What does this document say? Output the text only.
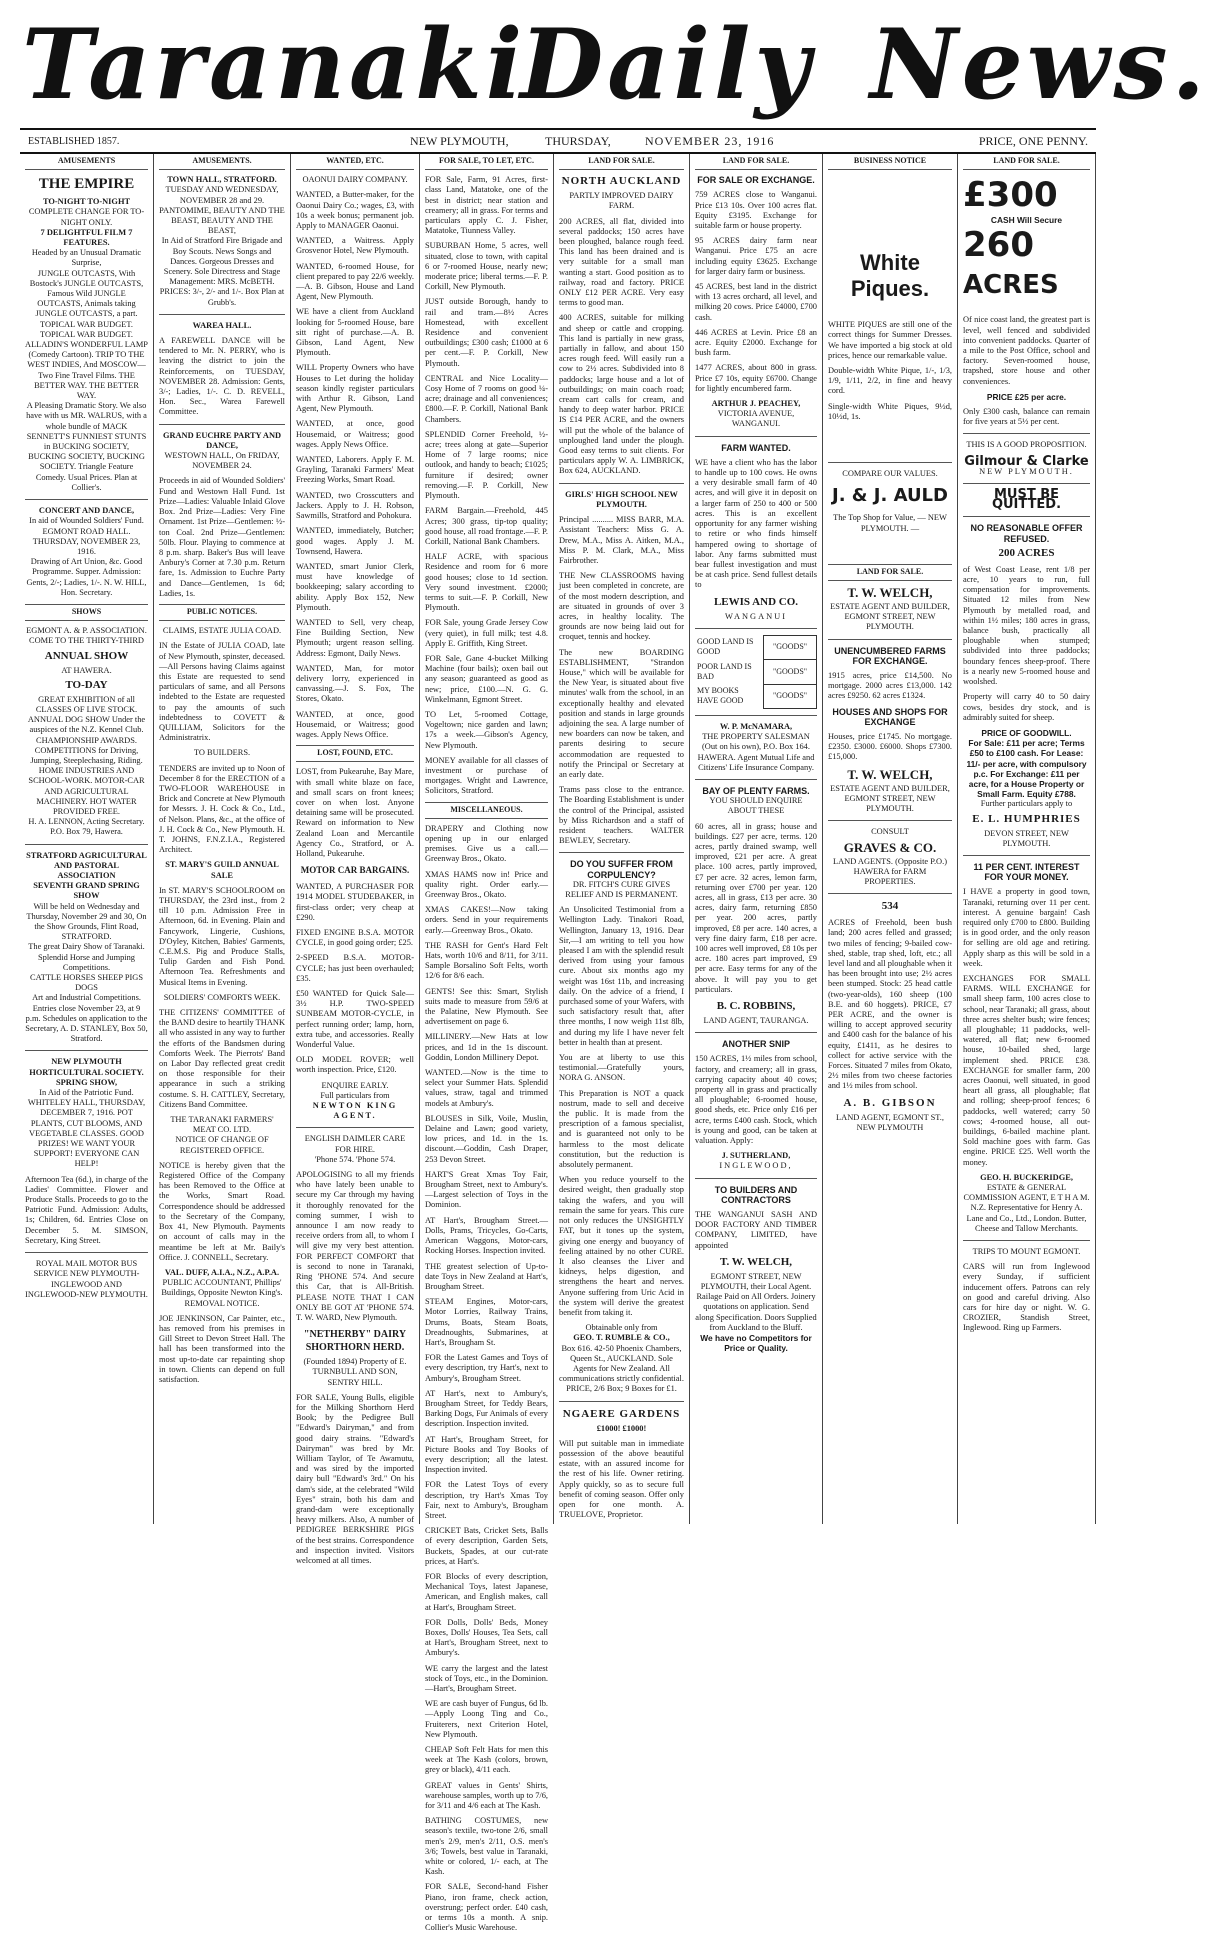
Taranaki
Daily News.
ESTABLISHED 1857.	NEW PLYMOUTH,	THURSDAY,	NOVEMBER 23, 1916	PRICE, ONE PENNY.
AMUSEMENTS
THE EMPIRE
TO-NIGHT TO-NIGHT
COMPLETE CHANGE FOR TO-NIGHT ONLY.
7 DELIGHTFUL FILM 7 FEATURES.
Headed by an Unusual Dramatic Surprise,
JUNGLE OUTCASTS, With Bostock's JUNGLE OUTCASTS, Famous Wild JUNGLE OUTCASTS, Animals taking JUNGLE OUTCASTS, a part.
TOPICAL WAR BUDGET. TOPICAL WAR BUDGET. ALLADIN'S WONDERFUL LAMP (Comedy Cartoon). TRIP TO THE WEST INDIES, And MOSCOW—Two Fine Travel Films. THE BETTER WAY. THE BETTER WAY.
A Pleasing Dramatic Story. We also have with us MR. WALRUS, with a whole bundle of MACK SENNETT'S FUNNIEST STUNTS in BUCKING SOCIETY, BUCKING SOCIETY, BUCKING SOCIETY. Triangle Feature Comedy. Usual Prices. Plan at Collier's.
CONCERT AND DANCE,
In aid of Wounded Soldiers' Fund.
EGMONT ROAD HALL. THURSDAY, NOVEMBER 23, 1916.
Drawing of Art Union, &c. Good Programme. Supper. Admission: Gents, 2/-; Ladies, 1/-. N. W. HILL, Hon. Secretary.
SHOWS
EGMONT A. & P. ASSOCIATION.
COME TO THE THIRTY-THIRD
ANNUAL SHOW
AT HAWERA.
TO-DAY
GREAT EXHIBITION of all CLASSES OF LIVE STOCK. ANNUAL DOG SHOW Under the auspices of the N.Z. Kennel Club. CHAMPIONSHIP AWARDS. COMPETITIONS for Driving, Jumping, Steeplechasing, Riding. HOME INDUSTRIES AND SCHOOL-WORK. MOTOR-CAR AND AGRICULTURAL MACHINERY. HOT WATER PROVIDED FREE.
H. A. LENNON, Acting Secretary. P.O. Box 79, Hawera.
STRATFORD AGRICULTURAL AND PASTORAL ASSOCIATION
SEVENTH GRAND SPRING SHOW
Will be held on Wednesday and Thursday, November 29 and 30, On the Show Grounds, Flint Road, STRATFORD.
The great Dairy Show of Taranaki. Splendid Horse and Jumping Competitions.
CATTLE HORSES SHEEP PIGS DOGS
Art and Industrial Competitions. Entries close November 23, at 9 p.m. Schedules on application to the Secretary, A. D. STANLEY, Box 50, Stratford.
NEW PLYMOUTH HORTICULTURAL SOCIETY.
SPRING SHOW,
In Aid of the Patriotic Fund. WHITELEY HALL, THURSDAY, DECEMBER 7, 1916. POT PLANTS, CUT BLOOMS, AND VEGETABLE CLASSES. GOOD PRIZES! WE WANT YOUR SUPPORT! EVERYONE CAN HELP!
Afternoon Tea (6d.), in charge of the Ladies' Committee. Flower and Produce Stalls. Proceeds to go to the Patriotic Fund. Admission: Adults, 1s; Children, 6d. Entries Close on December 5. M. SIMSON, Secretary, King Street.
ROYAL MAIL MOTOR BUS SERVICE NEW PLYMOUTH-INGLEWOOD AND INGLEWOOD-NEW PLYMOUTH.
AMUSEMENTS.
TOWN HALL, STRATFORD.
TUESDAY AND WEDNESDAY, NOVEMBER 28 and 29. PANTOMIME, BEAUTY AND THE BEAST, BEAUTY AND THE BEAST,
In Aid of Stratford Fire Brigade and Boy Scouts. News Songs and Dances. Gorgeous Dresses and Scenery. Sole Directress and Stage Management: MRS. McBETH.
PRICES: 3/-, 2/- and 1/-. Box Plan at Grubb's.
WAREA HALL.
A FAREWELL DANCE will be tendered to Mr. N. PERRY, who is leaving the district to join the Reinforcements, on TUESDAY, NOVEMBER 28. Admission: Gents, 3/-; Ladies, 1/-. C. D. REVELL, Hon. Sec., Warea Farewell Committee.
GRAND EUCHRE PARTY AND DANCE,
WESTOWN HALL, On FRIDAY, NOVEMBER 24.
Proceeds in aid of Wounded Soldiers' Fund and Westown Hall Fund. 1st Prize—Ladies: Valuable Inlaid Glove Box. 2nd Prize—Ladies: Very Fine Ornament. 1st Prize—Gentlemen: ½-ton Coal. 2nd Prize—Gentlemen: 50lb. Flour. Playing to commence at 8 p.m. sharp. Baker's Bus will leave Anbury's Corner at 7.30 p.m. Return fare, 1s. Admission to Euchre Party and Dance—Gentlemen, 1s 6d; Ladies, 1s.
PUBLIC NOTICES.
CLAIMS, ESTATE JULIA COAD.
IN the Estate of JULIA COAD, late of New Plymouth, spinster, deceased. —All Persons having Claims against this Estate are requested to send particulars of same, and all Persons indebted to the Estate are requested to pay the amounts of such indebtedness to COVETT & QUILLIAM, Solicitors for the Administratrix.
TO BUILDERS.
TENDERS are invited up to Noon of December 8 for the ERECTION of a TWO-FLOOR WAREHOUSE in Brick and Concrete at New Plymouth for Messrs. J. H. Cock & Co., Ltd., of Nelson. Plans, &c., at the office of J. H. Cock & Co., New Plymouth. H. T. JOHNS, F.N.Z.I.A., Registered Architect.
ST. MARY'S GUILD ANNUAL SALE
In ST. MARY'S SCHOOLROOM on THURSDAY, the 23rd inst., from 2 till 10 p.m. Admission Free in Afternoon, 6d. in Evening. Plain and Fancywork, Lingerie, Cushions, D'Oyley, Kitchen, Babies' Garments, C.E.M.S. Pig and Produce Stalls, Tulip Garden and Fish Pond. Afternoon Tea. Refreshments and Musical Items in Evening.
SOLDIERS' COMFORTS WEEK.
THE CITIZENS' COMMITTEE of the BAND desire to heartily THANK all who assisted in any way to further the efforts of the Bandsmen during Comforts Week. The Pierrots' Band on Labor Day reflected great credit on those responsible for their appearance in such a striking costume. S. H. CATTLEY, Secretary, Citizens Band Committee.
THE TARANAKI FARMERS' MEAT CO. LTD.
NOTICE OF CHANGE OF REGISTERED OFFICE.
NOTICE is hereby given that the Registered Office of the Company has been Removed to the Office at the Works, Smart Road. Correspondence should be addressed to the Secretary of the Company, Box 41, New Plymouth. Payments on account of calls may in the meantime be left at Mr. Baily's Office. J. CONNELL, Secretary.
VAL. DUFF, A.I.A., N.Z., A.P.A.
PUBLIC ACCOUNTANT, Phillips' Buildings, Opposite Newton King's.
REMOVAL NOTICE.
JOE JENKINSON, Car Painter, etc., has removed from his premises in Gill Street to Devon Street Hall. The hall has been transformed into the most up-to-date car repainting shop in town. Clients can depend on full satisfaction.
WANTED, ETC.
OAONUI DAIRY COMPANY.
WANTED, a Butter-maker, for the Oaonui Dairy Co.; wages, £3, with 10s a week bonus; permanent job. Apply to MANAGER Oaonui.
WANTED, a Waitress. Apply Grosvenor Hotel, New Plymouth.
WANTED, 6-roomed House, for client prepared to pay 22/6 weekly.—A. B. Gibson, House and Land Agent, New Plymouth.
WE have a client from Auckland looking for 5-roomed House, bare sitt right of purchase.—A. B. Gibson, Land Agent, New Plymouth.
WILL Property Owners who have Houses to Let during the holiday season kindly register particulars with Arthur R. Gibson, Land Agent, New Plymouth.
WANTED, at once, good Housemaid, or Waitress; good wages. Apply News Office.
WANTED, Laborers. Apply F. M. Grayling, Taranaki Farmers' Meat Freezing Works, Smart Road.
WANTED, two Crosscutters and Jackers. Apply to J. H. Robson, Sawmills, Stratford and Pohokura.
WANTED, immediately, Butcher; good wages. Apply J. M. Townsend, Hawera.
WANTED, smart Junior Clerk, must have knowledge of bookkeeping; salary according to ability. Apply Box 152, New Plymouth.
WANTED to Sell, very cheap, Fine Building Section, New Plymouth; urgent reason selling. Address: Egmont, Daily News.
WANTED, Man, for motor delivery lorry, experienced in canvassing.—J. S. Fox, The Stores, Okato.
WANTED, at once, good Housemaid, or Waitress; good wages. Apply News Office.
LOST, FOUND, ETC.
LOST, from Pukearuhe, Bay Mare, with small white blaze on face, and small scars on front knees; cover on when lost. Anyone detaining same will be prosecuted. Reward on information to New Zealand Loan and Mercantile Agency Co., Stratford, or A. Holland, Pukearuhe.
MOTOR CAR BARGAINS.
WANTED, A PURCHASER FOR 1914 MODEL STUDEBAKER, in first-class order; very cheap at £290.
FIXED ENGINE B.S.A. MOTOR CYCLE, in good going order; £25.
2-SPEED B.S.A. MOTOR-CYCLE; has just been overhauled; £35.
£50 WANTED for Quick Sale—3½ H.P. TWO-SPEED SUNBEAM MOTOR-CYCLE, in perfect running order; lamp, horn, extra tube, and accessories. Really Wonderful Value.
OLD MODEL ROVER; well worth inspection. Price, £120.
ENQUIRE EARLY.
Full particulars from
NEWTON KING AGENT.
ENGLISH DAIMLER CARE FOR HIRE.
'Phone 574. 'Phone 574.
APOLOGISING to all my friends who have lately been unable to secure my Car through my having it thoroughly renovated for the coming summer, I wish to announce I am now ready to receive orders from all, to whom I will give my very best attention. FOR PERFECT COMFORT that is second to none in Taranaki, Ring 'PHONE 574. And secure this Car, that is All-British. PLEASE NOTE THAT I CAN ONLY BE GOT AT 'PHONE 574. T. W. WARD, New Plymouth.
"NETHERBY" DAIRY SHORTHORN HERD.
(Founded 1894) Property of E. TURNBULL AND SON, SENTRY HILL.
FOR SALE, Young Bulls, eligible for the Milking Shorthorn Herd Book; by the Pedigree Bull "Edward's Dairyman," and from good dairy strains. "Edward's Dairyman" was bred by Mr. William Taylor, of Te Awamutu, and was sired by the imported dairy bull "Edward's 3rd." On his dam's side, at the celebrated "Wild Eyes" strain, both his dam and grand-dam were exceptionally heavy milkers. Also, A number of PEDIGREE BERKSHIRE PIGS of the best strains. Correspondence and inspection invited. Visitors welcomed at all times.
FOR SALE, TO LET, ETC.
FOR Sale, Farm, 91 Acres, first-class Land, Matatoke, one of the best in district; near station and creamery; all in grass. For terms and particulars apply C. J. Fisher, Matatoke, Tiunness Valley.
SUBURBAN Home, 5 acres, well situated, close to town, with capital 6 or 7-roomed House, nearly new; moderate price; liberal terms.—F. P. Corkill, New Plymouth.
JUST outside Borough, handy to rail and tram.—8½ Acres Homestead, with excellent Residence and convenient outbuildings; £300 cash; £1000 at 6 per cent.—F. P. Corkill, New Plymouth.
CENTRAL and Nice Locality—Cosy Home of 7 rooms on good ¼-acre; drainage and all conveniences; £800.—F. P. Corkill, National Bank Chambers.
SPLENDID Corner Freehold, ½-acre; trees along at gate—Superior Home of 7 large rooms; nice outlook, and handy to beach; £1025; furniture if desired; owner removing.—F. P. Corkill, New Plymouth.
FARM Bargain.—Freehold, 445 Acres; 300 grass, tip-top quality; good house, all road frontage.—F. P. Corkill, National Bank Chambers.
HALF ACRE, with spacious Residence and room for 6 more good houses; close to 1d section. Very sound investment. £2000; terms to suit.—F. P. Corkill, New Plymouth.
FOR Sale, young Grade Jersey Cow (very quiet), in full milk; test 4.8. Apply E. Griffith, King Street.
FOR Sale, Gane 4-bucket Milking Machine (four bails); oxen bail out any season; guaranteed as good as new; price, £100.—N. G. G. Winkelmann, Egmont Street.
TO Let, 5-roomed Cottage, Vogeltown; nice garden and lawn; 17s a week.—Gibson's Agency, New Plymouth.
MONEY available for all classes of investment or purchase of mortgages. Wright and Lawrence, Solicitors, Stratford.
MISCELLANEOUS.
DRAPERY and Clothing now opening up in our enlarged premises. Give us a call.—Greenway Bros., Okato.
XMAS HAMS now in! Price and quality right. Order early.—Greenway Bros., Okato.
XMAS CAKES!—Now taking orders. Send in your requirements early.—Greenway Bros., Okato.
THE RASH for Gent's Hard Felt Hats, worth 10/6 and 8/11, for 3/11. Sample Borsalino Soft Felts, worth 12/6 for 8/6 each.
GENTS! See this: Smart, Stylish suits made to measure from 59/6 at the Palatine, New Plymouth. See advertisement on page 6.
MILLINERY.—New Hats at low prices, and 1d in the 1s discount. Goddin, London Millinery Depot.
WANTED.—Now is the time to select your Summer Hats. Splendid values, straw, tagal and trimmed models at Ambury's.
BLOUSES in Silk, Voile, Muslin, Delaine and Lawn; good variety, low prices, and 1d. in the 1s. discount.—Goddin, Cash Draper, 253 Devon Street.
HART'S Great Xmas Toy Fair, Brougham Street, next to Ambury's.—Largest selection of Toys in the Dominion.
AT Hart's, Brougham Street.—Dolls, Prams, Tricycles, Go-Carts, American Waggons, Motor-cars, Rocking Horses. Inspection invited.
THE greatest selection of Up-to-date Toys in New Zealand at Hart's, Brougham Street.
STEAM Engines, Motor-cars, Motor Lorries, Railway Trains, Drums, Boats, Steam Boats, Dreadnoughts, Submarines, at Hart's, Brougham St.
FOR the Latest Games and Toys of every description, try Hart's, next to Ambury's, Brougham Street.
AT Hart's, next to Ambury's, Brougham Street, for Teddy Bears, Barking Dogs, Fur Animals of every description. Inspection invited.
AT Hart's, Brougham Street, for Picture Books and Toy Books of every description; all the latest. Inspection invited.
FOR the Latest Toys of every description, try Hart's Xmas Toy Fair, next to Ambury's, Brougham Street.
CRICKET Bats, Cricket Sets, Balls of every description, Garden Sets, Buckets, Spades, at our cut-rate prices, at Hart's.
FOR Blocks of every description, Mechanical Toys, latest Japanese, American, and English makes, call at Hart's, Brougham Street.
FOR Dolls, Dolls' Beds, Money Boxes, Dolls' Houses, Tea Sets, call at Hart's, Brougham Street, next to Ambury's.
WE carry the largest and the latest stock of Toys, etc., in the Dominion.—Hart's, Brougham Street.
WE are cash buyer of Fungus, 6d lb. —Apply Loong Ting and Co., Fruiterers, next Criterion Hotel, New Plymouth.
CHEAP Soft Felt Hats for men this week at The Kash (colors, brown, grey or black), 4/11 each.
GREAT values in Gents' Shirts, warehouse samples, worth up to 7/6, for 3/11 and 4/6 each at The Kash.
BATHING COSTUMES, new season's textile, two-tone 2/6, small men's 2/9, men's 2/11, O.S. men's 3/6; Towels, best value in Taranaki, white or colored, 1/- each, at The Kash.
FOR SALE, Second-hand Fisher Piano, iron frame, check action, overstrung; perfect order. £40 cash, or terms 10s a month. A snip. Collier's Music Warehouse.
LAND FOR SALE.
NORTH AUCKLAND
PARTLY IMPROVED DAIRY FARM.
200 ACRES, all flat, divided into several paddocks; 150 acres have been ploughed, balance rough feed. This land has been drained and is very suitable for a small man wanting a start. Good position as to railway, road and factory. PRICE ONLY £12 PER ACRE. Very easy terms to good man.
400 ACRES, suitable for milking and sheep or cattle and cropping. This land is partially in new grass, partially in fallow, and about 150 acres rough feed. Will easily run a cow to 2½ acres. Subdivided into 8 paddocks; large house and a lot of outbuildings; on main coach road; cream cart calls for cream, and handy to deep water harbor. PRICE IS £14 PER ACRE, and the owners will put the whole of the balance of unploughed land under the plough. Good easy terms to suit clients. For particulars apply W. A. LIMBRICK, Box 624, AUCKLAND.
GIRLS' HIGH SCHOOL NEW PLYMOUTH.
Principal .......... MISS BARR, M.A. Assistant Teachers: Miss G. A. Drew, M.A., Miss A. Aitken, M.A., Miss P. M. Clark, M.A., Miss Fairbrother.
THE New CLASSROOMS having just been completed in concrete, are of the most modern description, and are situated in grounds of over 3 acres, in healthy locality. The grounds are now being laid out for croquet, tennis and hockey.
The new BOARDING ESTABLISHMENT, "Strandon House," which will be available for the New Year, is situated about five minutes' walk from the school, in an exceptionally healthy and elevated position and stands in large grounds adjoining the sea. A large number of new boarders can now be taken, and parents desiring to secure accommodation are requested to notify the Principal or Secretary at an early date.
Trams pass close to the entrance. The Boarding Establishment is under the control of the Principal, assisted by Miss Richardson and a staff of resident teachers. WALTER BEWLEY, Secretary.
DO YOU SUFFER FROM CORPULENCY?
DR. FITCH'S CURE GIVES RELIEF AND IS PERMANENT.
An Unsolicited Testimonial from a Wellington Lady. Tinakori Road, Wellington, January 13, 1916. Dear Sir,—I am writing to tell you how pleased I am with the splendid result derived from using your famous cure. About six months ago my weight was 16st 11b, and increasing daily. On the advice of a friend, I purchased some of your Wafers, with such satisfactory result that, after three months, I now weigh 11st 8lb, and during my life I have never felt better in health than at present.
You are at liberty to use this testimonial.—Gratefully yours, NORA G. ANSON.
This Preparation is NOT a quack nostrum, made to sell and deceive the public. It is made from the prescription of a famous specialist, and is guaranteed not only to be harmless to the most delicate constitution, but the reduction is absolutely permanent.
When you reduce yourself to the desired weight, then gradually stop taking the wafers, and you will remain the same for years. This cure not only reduces the UNSIGHTLY FAT, but it tones up the system, giving one energy and buoyancy of feeling attained by no other CURE. It also cleanses the Liver and kidneys, helps digestion, and strengthens the heart and nerves. Anyone suffering from Uric Acid in the system will derive the greatest benefit from taking it.
Obtainable only from
GEO. T. RUMBLE & CO.,
Box 616. 42-50 Phoenix Chambers, Queen St., AUCKLAND. Sole Agents for New Zealand. All communications strictly confidential. PRICE, 2/6 Box; 9 Boxes for £1.
NGAERE GARDENS
£1000! £1000!
Will put suitable man in immediate possession of the above beautiful estate, with an assured income for the rest of his life. Owner retiring. Apply quickly, so as to secure full benefit of coming season. Offer only open for one month. A. TRUELOVE, Proprietor.
LAND FOR SALE.
FOR SALE OR EXCHANGE.
759 ACRES close to Wanganui. Price £13 10s. Over 100 acres flat. Equity £3195. Exchange for suitable farm or house property.
95 ACRES dairy farm near Wanganui. Price £75 an acre including equity £3625. Exchange for larger dairy farm or business.
45 ACRES, best land in the district with 13 acres orchard, all level, and milking 20 cows. Price £4000, £700 cash.
446 ACRES at Levin. Price £8 an acre. Equity £2000. Exchange for bush farm.
1477 ACRES, about 800 in grass. Price £7 10s, equity £6700. Change for lightly encumbered farm.
ARTHUR J. PEACHEY,
VICTORIA AVENUE, WANGANUI.
FARM WANTED.
WE have a client who has the labor to handle up to 100 cows. He owns a very desirable small farm of 40 acres, and will give it in deposit on a larger farm of 250 to 400 or 500 acres. This is an excellent opportunity for any farmer wishing to retire or who finds himself hampered owing to shortage of labor. Any farms submitted must bear fullest investigation and must be at cash price. Send fullest details to
LEWIS AND CO.
WANGANUI
GOOD LAND IS GOOD	"GOODS"
POOR LAND IS BAD	"GOODS"
MY BOOKS HAVE GOOD	"GOODS"
W. P. McNAMARA,
THE PROPERTY SALESMAN (Out on his own), P.O. Box 164. HAWERA. Agent Mutual Life and Citizens' Life Insurance Company.
BAY OF PLENTY FARMS.
YOU SHOULD ENQUIRE ABOUT THESE
60 acres, all in grass; house and buildings. £27 per acre, terms. 120 acres, partly drained swamp, well improved, £21 per acre. A great place. 100 acres, partly improved, £7 per acre. 32 acres, lemon farm, returning over £700 per year. 120 acres, all in grass, £13 per acre. 30 acres, dairy farm, returning £850 per year. 200 acres, partly improved, £8 per acre. 140 acres, a very fine dairy farm, £18 per acre. 100 acres well improved, £8 10s per acre. 180 acres part improved, £9 per acre. Easy terms for any of the above. It will pay you to get particulars.
B. C. ROBBINS,
LAND AGENT, TAURANGA.
ANOTHER SNIP
150 ACRES, 1½ miles from school, factory, and creamery; all in grass, carrying capacity about 40 cows; property all in grass and practically all ploughable; 6-roomed house, good sheds, etc. Price only £16 per acre, terms £400 cash. Stock, which is young and good, can be taken at valuation. Apply:
J. SUTHERLAND,
INGLEWOOD,
TO BUILDERS AND CONTRACTORS
THE WANGANUI SASH AND DOOR FACTORY AND TIMBER COMPANY, LIMITED, have appointed
T. W. WELCH,
EGMONT STREET, NEW PLYMOUTH, their Local Agent. Railage Paid on All Orders. Joinery quotations on application. Send along Specification. Doors Supplied from Auckland to the Bluff.
We have no Competitors for Price or Quality.
BUSINESS NOTICE
White Piques.
WHITE PIQUES are still one of the correct things for Summer Dresses. We have imported a big stock at old prices, hence our remarkable value.
Double-width White Pique, 1/-, 1/3, 1/9, 1/11, 2/2, in fine and heavy cord.
Single-width White Piques, 9½d, 10½d, 1s.
COMPARE OUR VALUES.
J. & J. AULD
The Top Shop for Value, — NEW PLYMOUTH. —
LAND FOR SALE.
T. W. WELCH,
ESTATE AGENT AND BUILDER, EGMONT STREET, NEW PLYMOUTH.
UNENCUMBERED FARMS FOR EXCHANGE.
1915 acres, price £14,500. No mortgage. 2000 acres £13,000. 142 acres £9250. 62 acres £1324.
HOUSES AND SHOPS FOR EXCHANGE
Houses, price £1745. No mortgage. £2350. £3000. £6000. Shops £7300. £15,000.
T. W. WELCH,
ESTATE AGENT AND BUILDER, EGMONT STREET, NEW PLYMOUTH.
CONSULT
GRAVES & CO.
LAND AGENTS. (Opposite P.O.) HAWERA for FARM PROPERTIES.
534
ACRES of Freehold, been bush land; 200 acres felled and grassed; two miles of fencing; 9-bailed cow-shed, stable, trap shed, loft, etc.; all level land and all ploughable when it has been brought into use; 2½ acres been stumped. Stock: 25 head cattle (two-year-olds), 160 sheep (100 B.E. and 60 hoggets). PRICE, £7 PER ACRE, and the owner is willing to accept approved security and £400 cash for the balance of his equity, £1411, as he desires to collect for active service with the Forces. Situated 7 miles from Okato, 2½ miles from two cheese factories and 1½ miles from school.
A. B. GIBSON
LAND AGENT, EGMONT ST., NEW PLYMOUTH
LAND FOR SALE.
£300
CASH Will Secure
260
ACRES
Of nice coast land, the greatest part is level, well fenced and subdivided into convenient paddocks. Quarter of a mile to the Post Office, school and factory. Seven-roomed house, trapshed, store house and other conveniences.
PRICE £25 per acre.
Only £300 cash, balance can remain for five years at 5½ per cent.
THIS IS A GOOD PROPOSITION.
Gilmour & Clarke
NEW PLYMOUTH.
MUST BE QUITTED.
NO REASONABLE OFFER REFUSED.
200 ACRES
of West Coast Lease, rent 1/8 per acre, 10 years to run, full compensation for improvements. Situated 12 miles from New Plymouth by metalled road, and within 1½ miles; 180 acres in grass, balance bush, practically all ploughable when stumped; subdivided into three paddocks; boundary fences sheep-proof. There is a nearly new 5-roomed house and woolshed.
Property will carry 40 to 50 dairy cows, besides dry stock, and is admirably suited for sheep.
PRICE OF GOODWILL.
For Sale: £11 per acre; Terms £50 to £100 cash. For Lease: 11/- per acre, with compulsory p.c. For Exchange: £11 per acre, for a House Property or Small Farm. Equity £788.
Further particulars apply to
E. L. HUMPHRIES
DEVON STREET, NEW PLYMOUTH.
11 PER CENT. INTEREST FOR YOUR MONEY.
I HAVE a property in good town, Taranaki, returning over 11 per cent. interest. A genuine bargain! Cash required only £700 to £800. Building is in good order, and the only reason for selling are old age and retiring. Apply sharp as this will be sold in a week.
EXCHANGES FOR SMALL FARMS. WILL EXCHANGE for small sheep farm, 100 acres close to school, near Taranaki; all grass, about three acres shelter bush; wire fences; all ploughable; 11 paddocks, well-watered, all flat; new 6-roomed house, 10-bailed shed, large implement shed. PRICE £38. EXCHANGE for smaller farm, 200 acres Oaonui, well situated, in good heart all grass, all ploughable; flat and rolling; sheep-proof fences; 6 paddocks, well watered; carry 50 cows; 4-roomed house, all out-buildings, 6-bailed machine plant. Sold machine goes with farm. Gas engine. PRICE £25. Well worth the money.
GEO. H. BUCKERIDGE,
ESTATE & GENERAL COMMISSION AGENT, E T H A M. N.Z. Representative for Henry A. Lane and Co., Ltd., London. Butter, Cheese and Tallow Merchants.
TRIPS TO MOUNT EGMONT.
CARS will run from Inglewood every Sunday, if sufficient inducement offers. Patrons can rely on good and careful driving. Also cars for hire day or night. W. G. CROZIER, Standish Street, Inglewood. Ring up Farmers.
